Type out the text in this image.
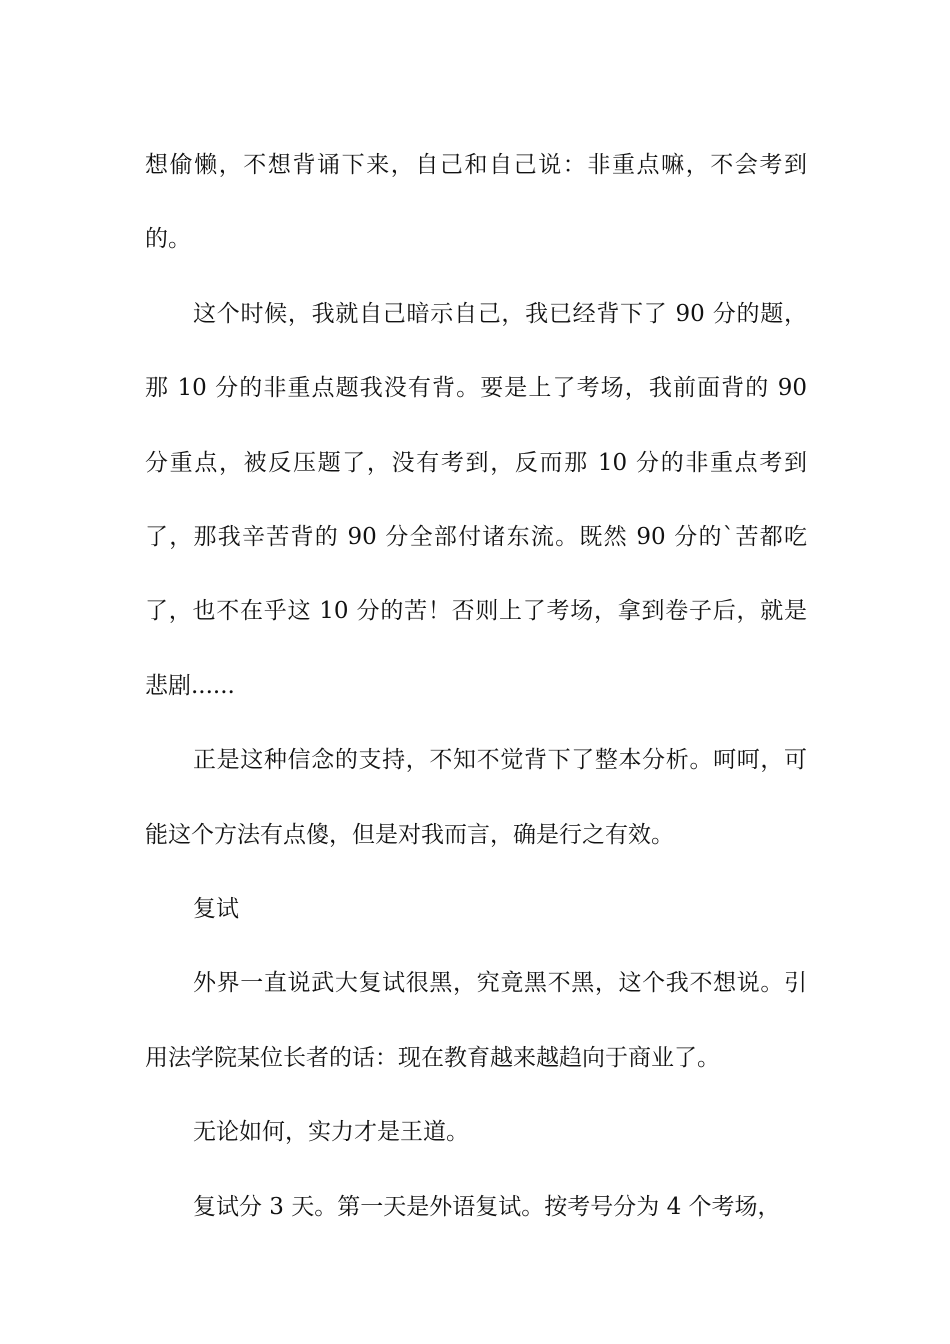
想偷懒，不想背诵下来，自己和自己说：非重点嘛，不会考到的。

这个时候，我就自己暗示自己，我已经背下了 90 分的题，那 10 分的非重点题我没有背。要是上了考场，我前面背的 90 分重点，被反压题了，没有考到，反而那 10 分的非重点考到了，那我辛苦背的 90 分全部付诸东流。既然 90 分的`苦都吃了，也不在乎这 10 分的苦！否则上了考场，拿到卷子后，就是悲剧......

正是这种信念的支持，不知不觉背下了整本分析。呵呵，可能这个方法有点傻，但是对我而言，确是行之有效。

复试

外界一直说武大复试很黑，究竟黑不黑，这个我不想说。引用法学院某位长者的话：现在教育越来越趋向于商业了。

无论如何，实力才是王道。

复试分 3 天。第一天是外语复试。按考号分为 4 个考场，
